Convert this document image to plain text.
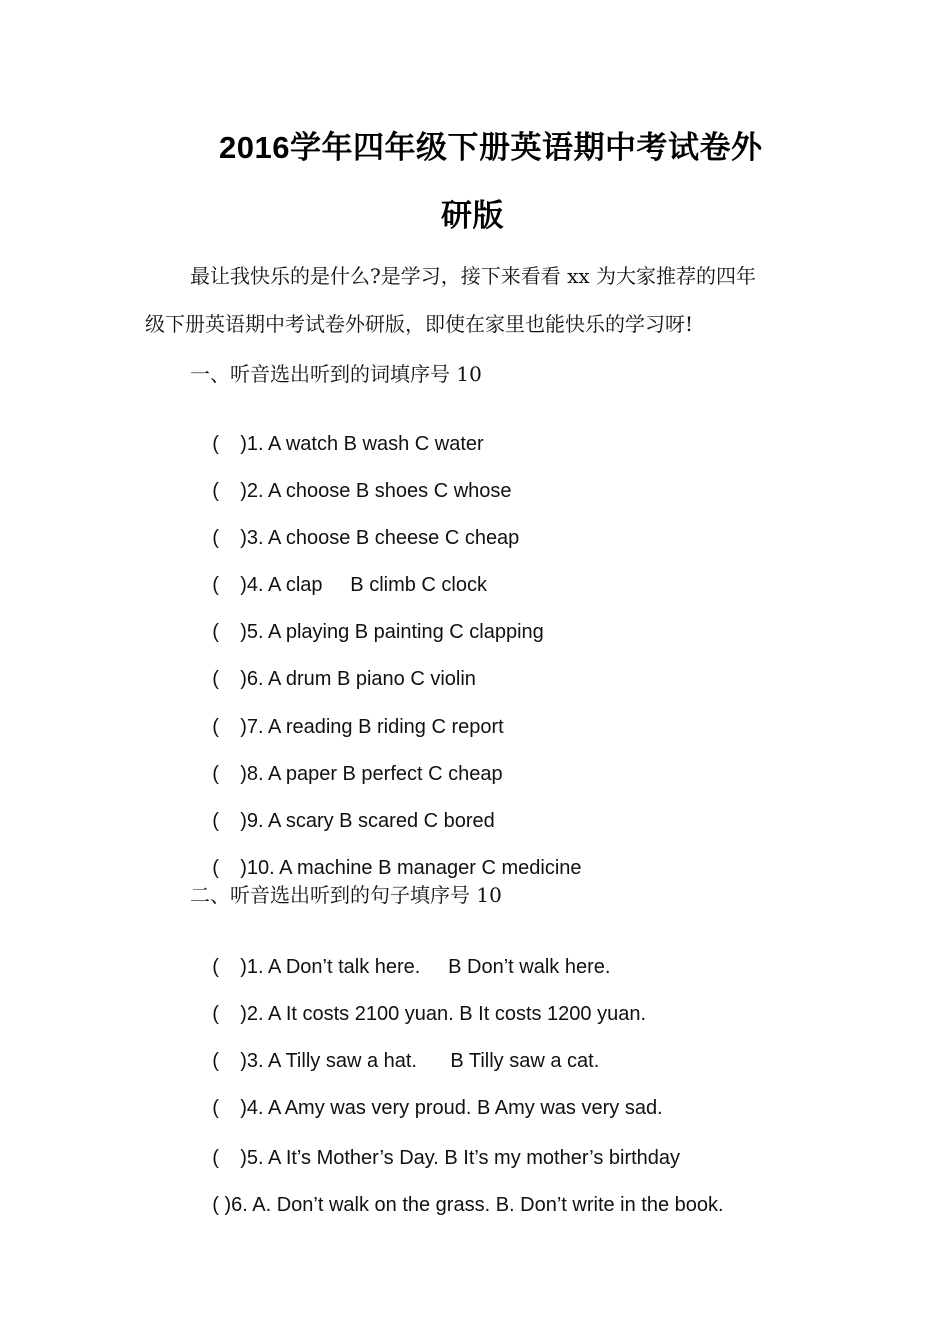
2016学年四年级下册英语期中考试卷外
研版
最让我快乐的是什么?是学习，接下来看看 xx 为大家推荐的四年
级下册英语期中考试卷外研版，即使在家里也能快乐的学习呀!
一、听音选出听到的词填序号 10

( )1. A watch B wash C water

( )2. A choose B shoes C whose

( )3. A choose B cheese C cheap

( )4. A clap     B climb C clock

( )5. A playing B painting C clapping

( )6. A drum B piano C violin

( )7. A reading B riding C report

( )8. A paper B perfect C cheap

( )9. A scary B scared C bored

( )10. A machine B manager C medicine

二、听音选出听到的句子填序号 10

( )1. A Don’t talk here.     B Don’t walk here.

( )2. A It costs 2100 yuan. B It costs 1200 yuan.

( )3. A Tilly saw a hat.      B Tilly saw a cat.

( )4. A Amy was very proud. B Amy was very sad.

( )5. A It’s Mother’s Day. B It’s my mother’s birthday

( )6. A. Don’t walk on the grass. B. Don’t write in the book.
